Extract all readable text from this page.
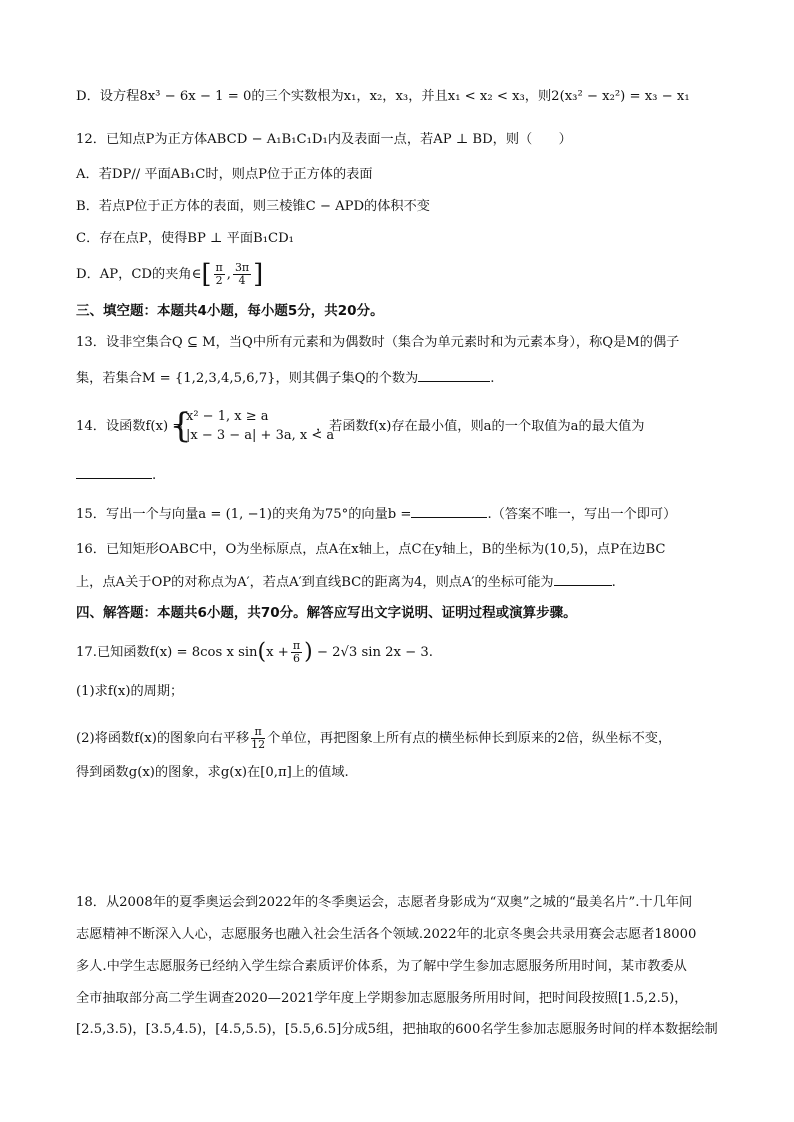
D．设方程8x³ − 6x − 1 = 0的三个实数根为x₁，x₂，x₃，并且x₁ < x₂ < x₃，则2(x₃² − x₂²) = x₃ − x₁
12．已知点P为正方体ABCD − A₁B₁C₁D₁内及表面一点，若AP ⊥ BD，则（　　）
A．若DP// 平面AB₁C时，则点P位于正方体的表面
B．若点P位于正方体的表面，则三棱锥C − APD的体积不变
C．存在点P，使得BP ⊥ 平面B₁CD₁
D．AP，CD的夹角∈[ $\frac{\pi}{2}$ , $\frac{3\pi}{4}$ ]
三、填空题：本题共4小题，每小题5分，共20分。
13．设非空集合Q ⊆ M，当Q中所有元素和为偶数时（集合为单元素时和为元素本身），称Q是M的偶子
集，若集合M = {1,2,3,4,5,6,7}，则其偶子集Q的个数为	.
14．设函数f(x) =
{
x² − 1, x ≥ a
|x − 3 − a| + 3a, x < a
，若函数f(x)存在最小值，则a的一个取值为a的最大值为
.
15．写出一个与向量a = (1, −1)的夹角为75°的向量b =	.（答案不唯一，写出一个即可）
16．已知矩形OABC中，O为坐标原点，点A在x轴上，点C在y轴上，B的坐标为(10,5)，点P在边BC
上，点A关于OP的对称点为A′，若点A′到直线BC的距离为4，则点A′的坐标可能为	.
四、解答题：本题共6小题，共70分。解答应写出文字说明、证明过程或演算步骤。
17.已知函数f(x) = 8cos x $\sin(x + \frac{\pi}{6}$ ) − 2√3 sin 2x − 3.
(1)求f(x)的周期；
(2)将函数f(x)的图象向右平移 $\frac{\pi}{12}$ 个单位，再把图象上所有点的横坐标伸长到原来的2倍，纵坐标不变，
得到函数g(x)的图象，求g(x)在[0,π]上的值域.
18．从2008年的夏季奥运会到2022年的冬季奥运会，志愿者身影成为“双奥”之城的“最美名片”.十几年间
志愿精神不断深入人心，志愿服务也融入社会生活各个领域.2022年的北京冬奥会共录用赛会志愿者18000
多人.中学生志愿服务已经纳入学生综合素质评价体系，为了解中学生参加志愿服务所用时间，某市教委从
全市抽取部分高二学生调查2020—2021学年度上学期参加志愿服务所用时间，把时间段按照[1.5,2.5)，
[2.5,3.5)，[3.5,4.5)，[4.5,5.5)，[5.5,6.5]分成5组，把抽取的600名学生参加志愿服务时间的样本数据绘制
